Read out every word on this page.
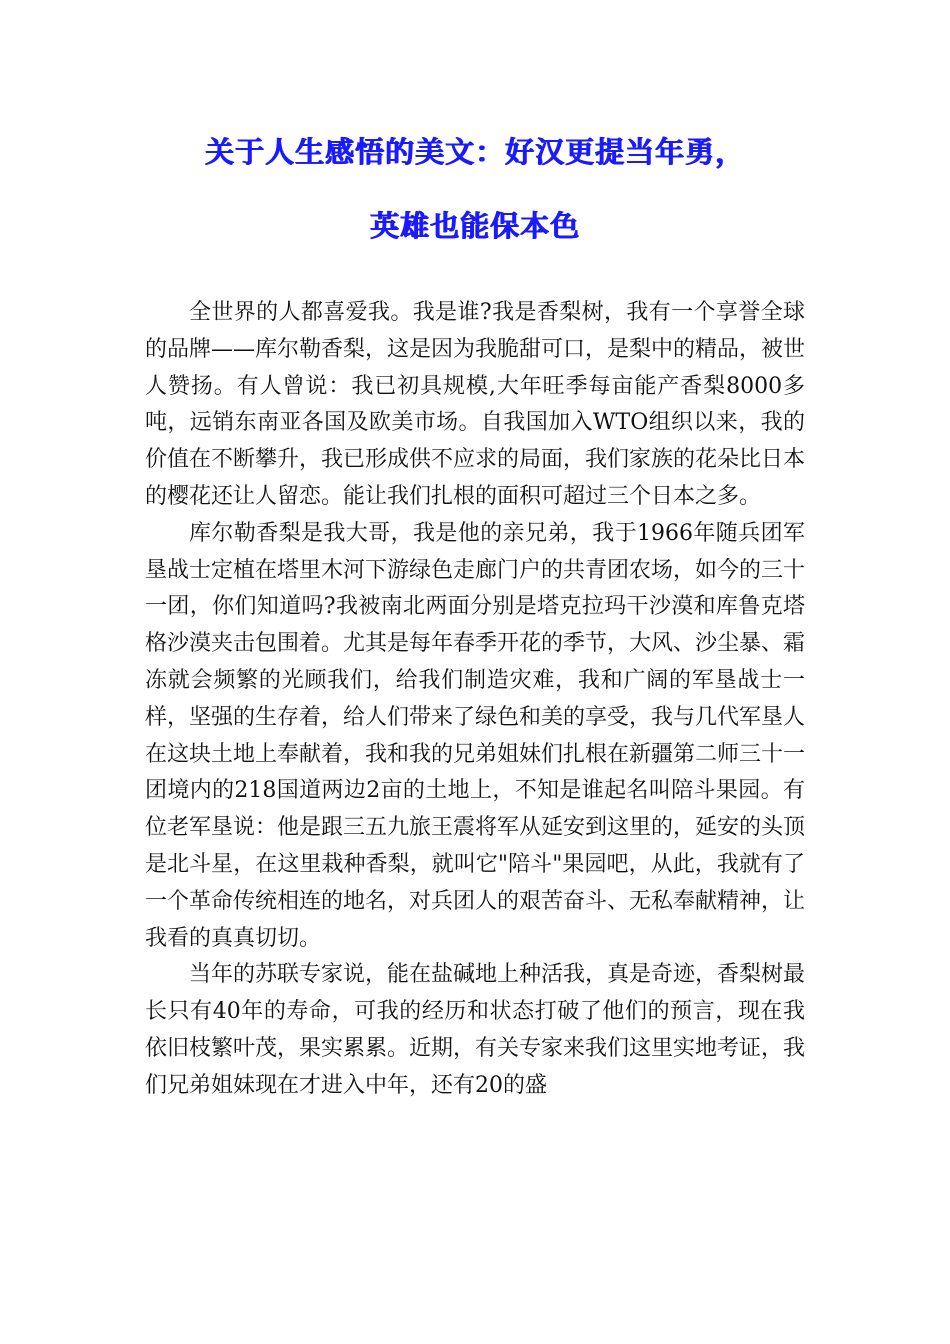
关于人生感悟的美文：好汉更提当年勇，
英雄也能保本色

全世界的人都喜爱我。我是谁?我是香梨树，我有一个享誉全球的品牌——库尔勒香梨，这是因为我脆甜可口，是梨中的精品，被世人赞扬。有人曾说：我已初具规模,大年旺季每亩能产香梨8000多吨，远销东南亚各国及欧美市场。自我国加入WTO组织以来，我的价值在不断攀升，我已形成供不应求的局面，我们家族的花朵比日本的樱花还让人留恋。能让我们扎根的面积可超过三个日本之多。

库尔勒香梨是我大哥，我是他的亲兄弟，我于1966年随兵团军垦战士定植在塔里木河下游绿色走廊门户的共青团农场，如今的三十一团，你们知道吗?我被南北两面分别是塔克拉玛干沙漠和库鲁克塔格沙漠夹击包围着。尤其是每年春季开花的季节，大风、沙尘暴、霜冻就会频繁的光顾我们，给我们制造灾难，我和广阔的军垦战士一样，坚强的生存着，给人们带来了绿色和美的享受，我与几代军垦人在这块土地上奉献着，我和我的兄弟姐妹们扎根在新疆第二师三十一团境内的218国道两边2亩的土地上，不知是谁起名叫陪斗果园。有位老军垦说：他是跟三五九旅王震将军从延安到这里的，延安的头顶是北斗星，在这里栽种香梨，就叫它"陪斗"果园吧，从此，我就有了一个革命传统相连的地名，对兵团人的艰苦奋斗、无私奉献精神，让我看的真真切切。

当年的苏联专家说，能在盐碱地上种活我，真是奇迹，香梨树最长只有40年的寿命，可我的经历和状态打破了他们的预言，现在我依旧枝繁叶茂，果实累累。近期，有关专家来我们这里实地考证，我们兄弟姐妹现在才进入中年，还有20的盛
